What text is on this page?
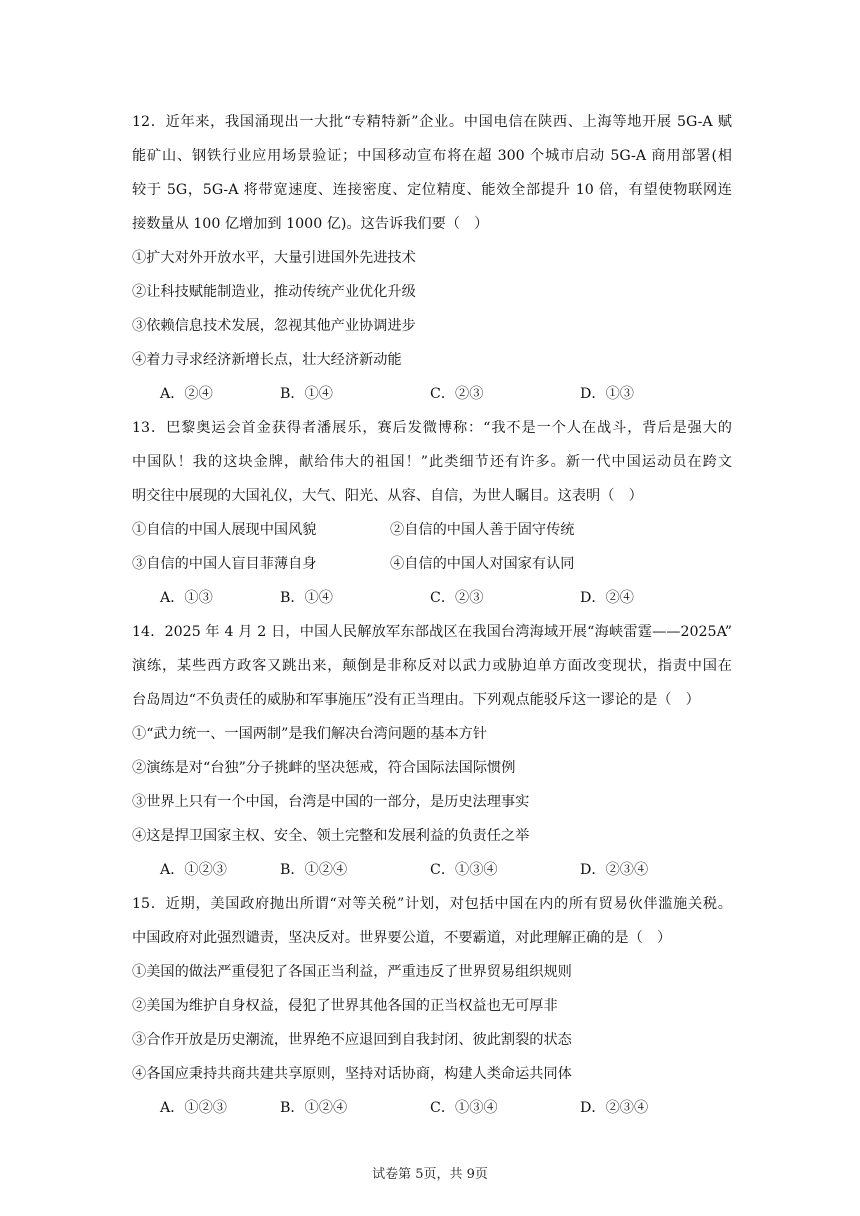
12．近年来，我国涌现出一大批“专精特新”企业。中国电信在陕西、上海等地开展 5G-A 赋
能矿山、钢铁行业应用场景验证；中国移动宣布将在超 300 个城市启动 5G-A 商用部署(相
较于 5G，5G-A 将带宽速度、连接密度、定位精度、能效全部提升 10 倍，有望使物联网连
接数量从 100 亿增加到 1000 亿)。这告诉我们要（　）
①扩大对外开放水平，大量引进国外先进技术
②让科技赋能制造业，推动传统产业优化升级
③依赖信息技术发展，忽视其他产业协调进步
④着力寻求经济新增长点，壮大经济新动能
A．②④	B．①④	C．②③	D．①③
13．巴黎奥运会首金获得者潘展乐，赛后发微博称：“我不是一个人在战斗，背后是强大的
中国队！我的这块金牌，献给伟大的祖国！”此类细节还有许多。新一代中国运动员在跨文
明交往中展现的大国礼仪，大气、阳光、从容、自信，为世人瞩目。这表明（　）
①自信的中国人展现中国风貌	②自信的中国人善于固守传统
③自信的中国人盲目菲薄自身	④自信的中国人对国家有认同
A．①③	B．①④	C．②③	D．②④
14．2025 年 4 月 2 日，中国人民解放军东部战区在我国台湾海域开展“海峡雷霆——2025A”
演练，某些西方政客又跳出来，颠倒是非称反对以武力或胁迫单方面改变现状，指责中国在
台岛周边“不负责任的威胁和军事施压”没有正当理由。下列观点能驳斥这一谬论的是（　）
①“武力统一、一国两制”是我们解决台湾问题的基本方针
②演练是对“台独”分子挑衅的坚决惩戒，符合国际法国际惯例
③世界上只有一个中国，台湾是中国的一部分，是历史法理事实
④这是捍卫国家主权、安全、领土完整和发展利益的负责任之举
A．①②③	B．①②④	C．①③④	D．②③④
15．近期，美国政府抛出所谓“对等关税”计划，对包括中国在内的所有贸易伙伴滥施关税。
中国政府对此强烈谴责，坚决反对。世界要公道，不要霸道，对此理解正确的是（　）
①美国的做法严重侵犯了各国正当利益，严重违反了世界贸易组织规则
②美国为维护自身权益，侵犯了世界其他各国的正当权益也无可厚非
③合作开放是历史潮流，世界绝不应退回到自我封闭、彼此割裂的状态
④各国应秉持共商共建共享原则，坚持对话协商，构建人类命运共同体
A．①②③	B．①②④	C．①③④	D．②③④
试卷第 5页，共 9页
